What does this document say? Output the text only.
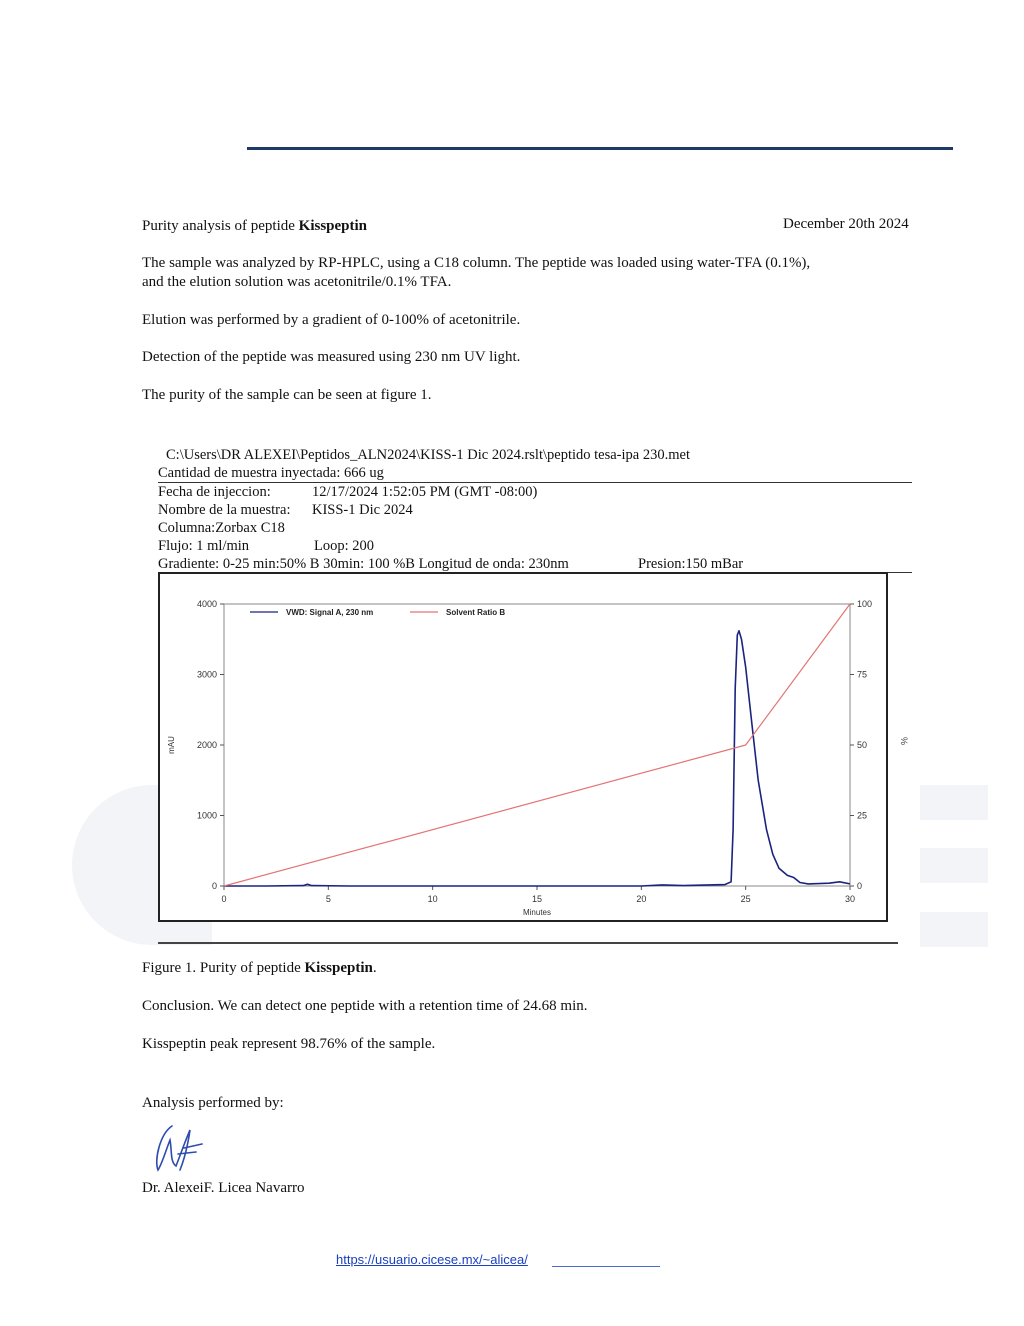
Purity analysis of peptide Kisspeptin	December 20th 2024
The sample was analyzed by RP-HPLC, using a C18 column. The peptide was loaded using water-TFA (0.1%),
and the elution solution was acetonitrile/0.1% TFA.
Elution was performed by a gradient of 0-100% of acetonitrile.
Detection of the peptide was measured using 230 nm UV light.
The purity of the sample can be seen at figure 1.
C:\Users\DR ALEXEI\Peptidos_ALN2024\KISS-1 Dic 2024.rslt\peptido tesa-ipa 230.met
Cantidad de muestra inyectada: 666 ug
Fecha de injeccion:	12/17/2024 1:52:05 PM (GMT -08:00)
Nombre de la muestra: KISS-1 Dic 2024
Columna:Zorbax C18
Flujo: 1 ml/min	Loop: 200
Gradiente: 0-25 min:50% B 30min: 100 %B Longitud de onda: 230nm	Presion:150 mBar
0	5	10	15	20	25	30
0
1000
2000
3000
4000
0
25
50
75
100
Minutes
mAU
VWD: Signal A, 230 nm	Solvent Ratio B
Figure 1. Purity of peptide Kisspeptin.
Conclusion. We can detect one peptide with a retention time of 24.68 min.
Kisspeptin peak represent 98.76% of the sample.
Analysis performed by:
Dr. AlexeiF. Licea Navarro
https://usuario.cicese.mx/~alicea/
%
